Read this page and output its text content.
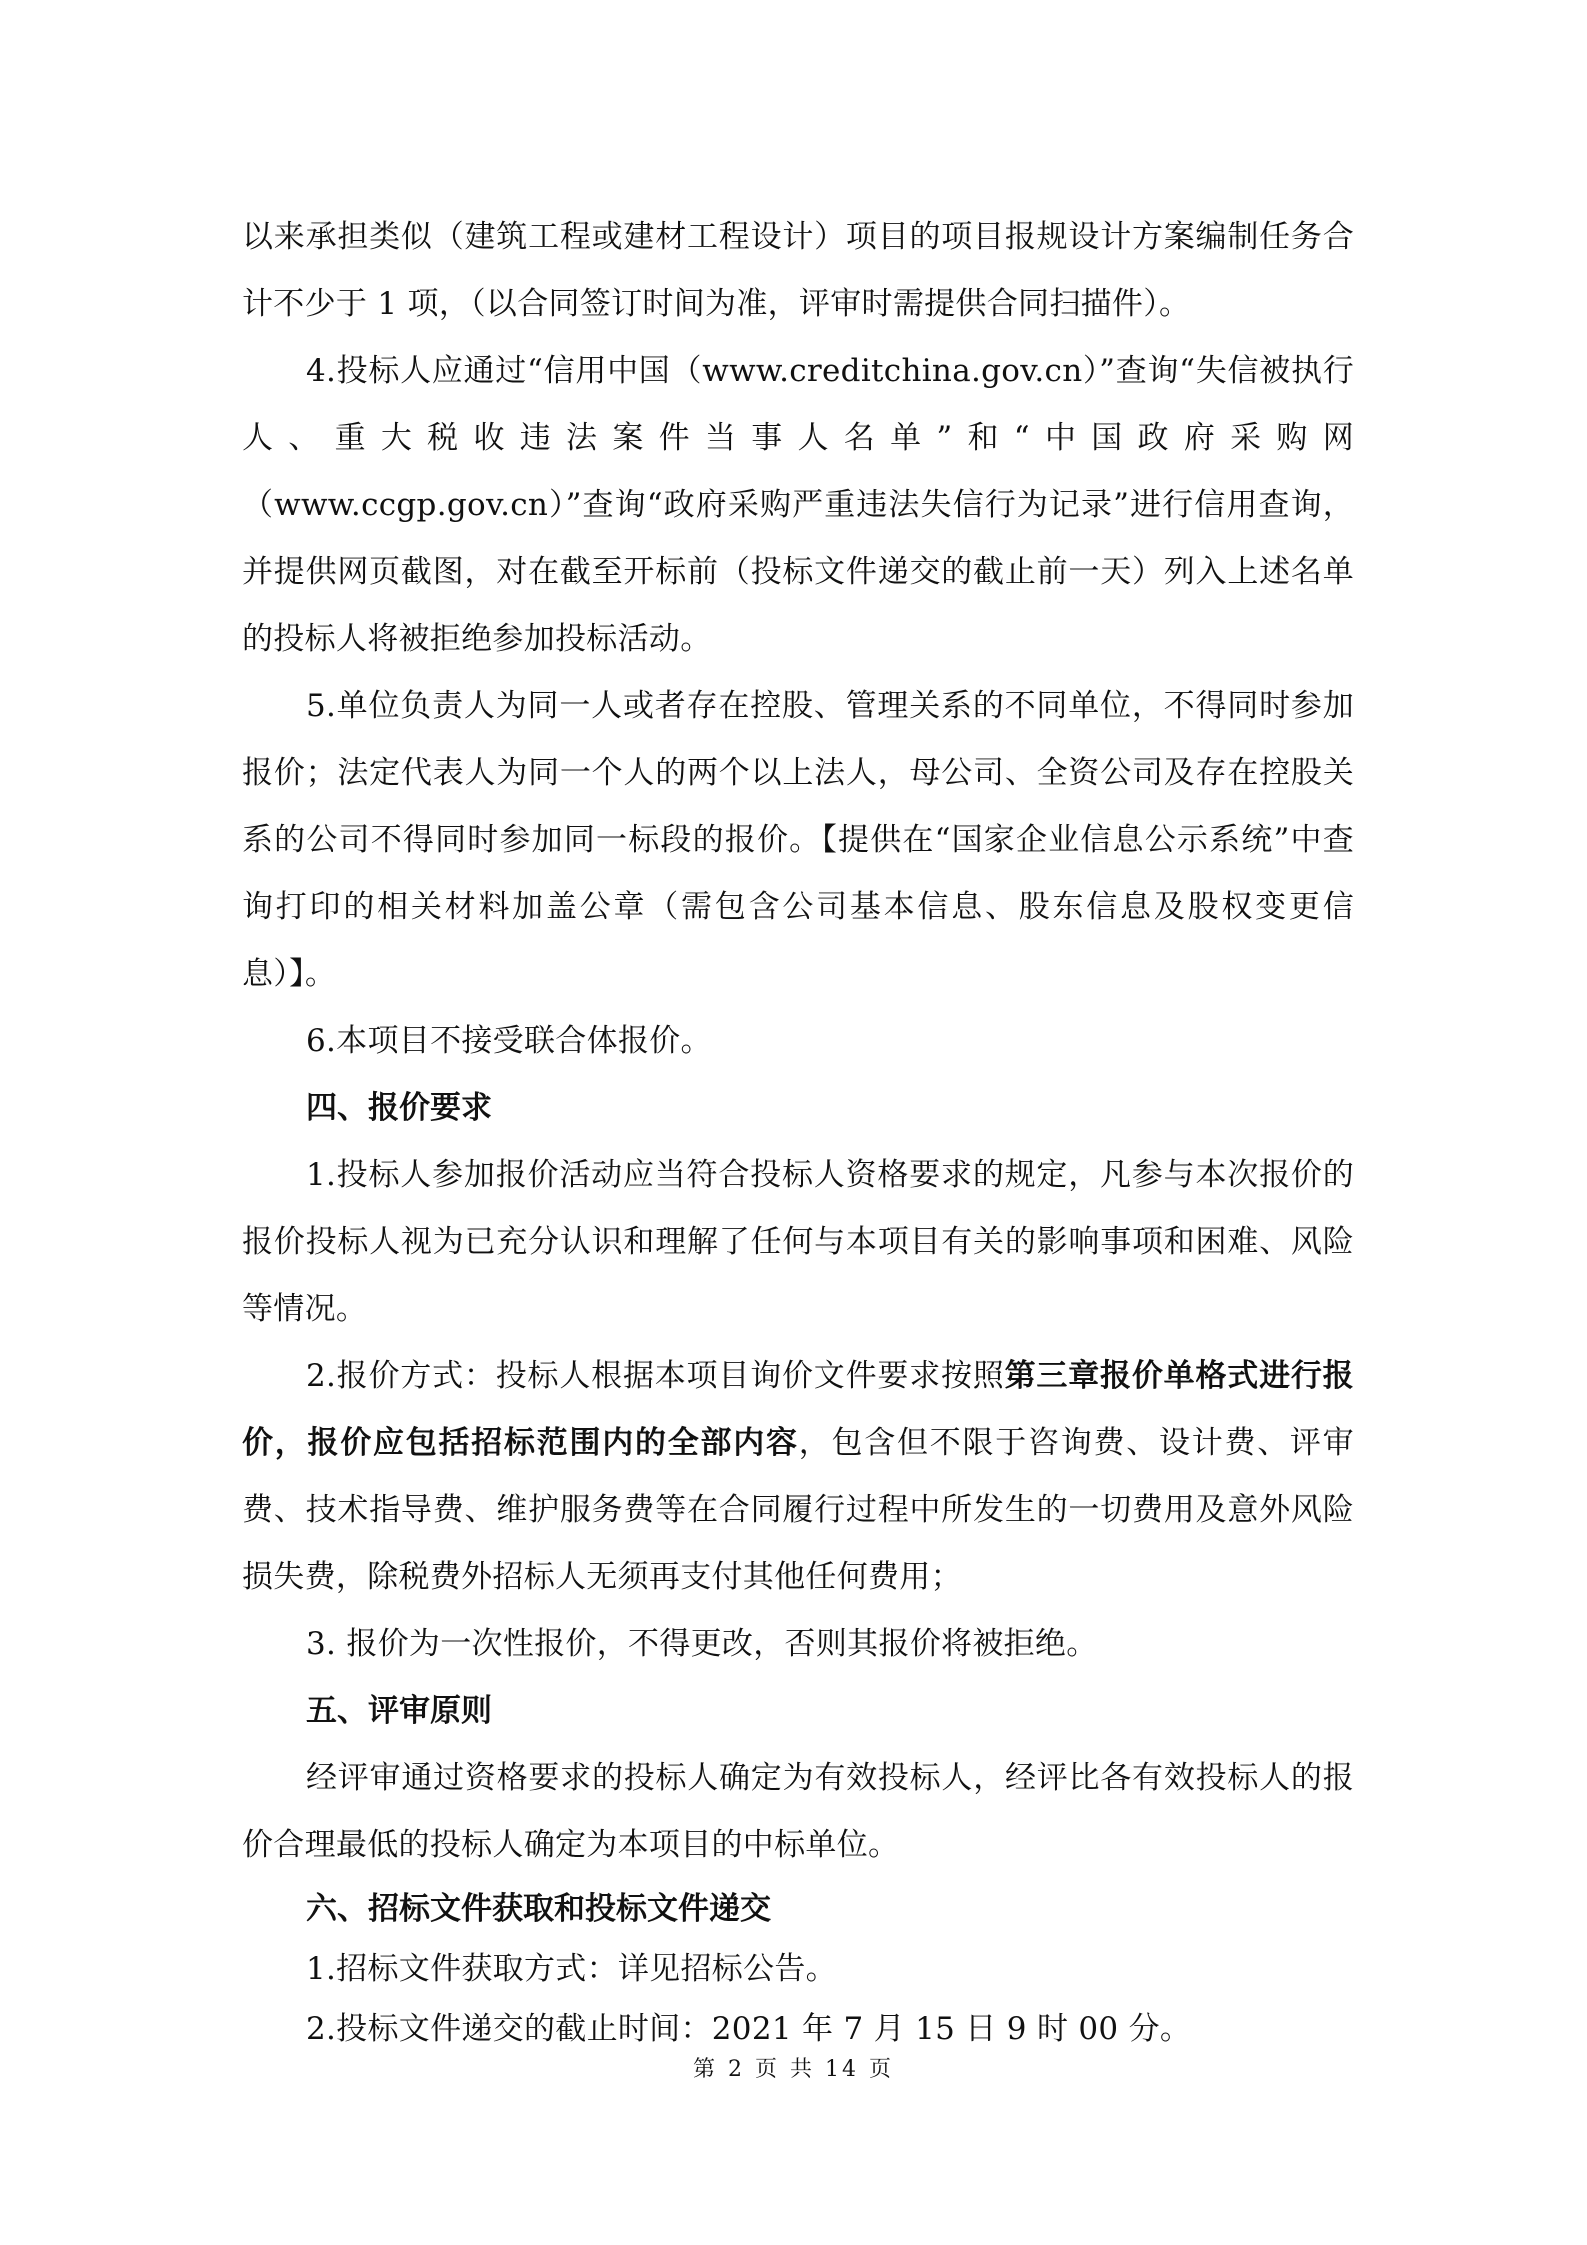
以来承担类似（建筑工程或建材工程设计）项目的项目报规设计方案编制任务合计不少于 1 项，（以合同签订时间为准，评审时需提供合同扫描件）。

4.投标人应通过“信用中国（www.creditchina.gov.cn）”查询“失信被执行人、重大税收违法案件当事人名单”和“中国政府采购网（www.ccgp.gov.cn）”查询“政府采购严重违法失信行为记录”进行信用查询，并提供网页截图，对在截至开标前（投标文件递交的截止前一天）列入上述名单的投标人将被拒绝参加投标活动。

5.单位负责人为同一人或者存在控股、管理关系的不同单位，不得同时参加报价；法定代表人为同一个人的两个以上法人，母公司、全资公司及存在控股关系的公司不得同时参加同一标段的报价。【提供在“国家企业信息公示系统”中查询打印的相关材料加盖公章（需包含公司基本信息、股东信息及股权变更信息）】。

6.本项目不接受联合体报价。

四、报价要求

1.投标人参加报价活动应当符合投标人资格要求的规定，凡参与本次报价的报价投标人视为已充分认识和理解了任何与本项目有关的影响事项和困难、风险等情况。

2.报价方式：投标人根据本项目询价文件要求按照第三章报价单格式进行报价，报价应包括招标范围内的全部内容，包含但不限于咨询费、设计费、评审费、技术指导费、维护服务费等在合同履行过程中所发生的一切费用及意外风险损失费，除税费外招标人无须再支付其他任何费用；

3. 报价为一次性报价，不得更改，否则其报价将被拒绝。

五、评审原则

经评审通过资格要求的投标人确定为有效投标人，经评比各有效投标人的报价合理最低的投标人确定为本项目的中标单位。

六、招标文件获取和投标文件递交

1.招标文件获取方式：详见招标公告。

2.投标文件递交的截止时间：2021 年 7 月 15 日 9 时 00 分。

第 2 页 共 14 页
